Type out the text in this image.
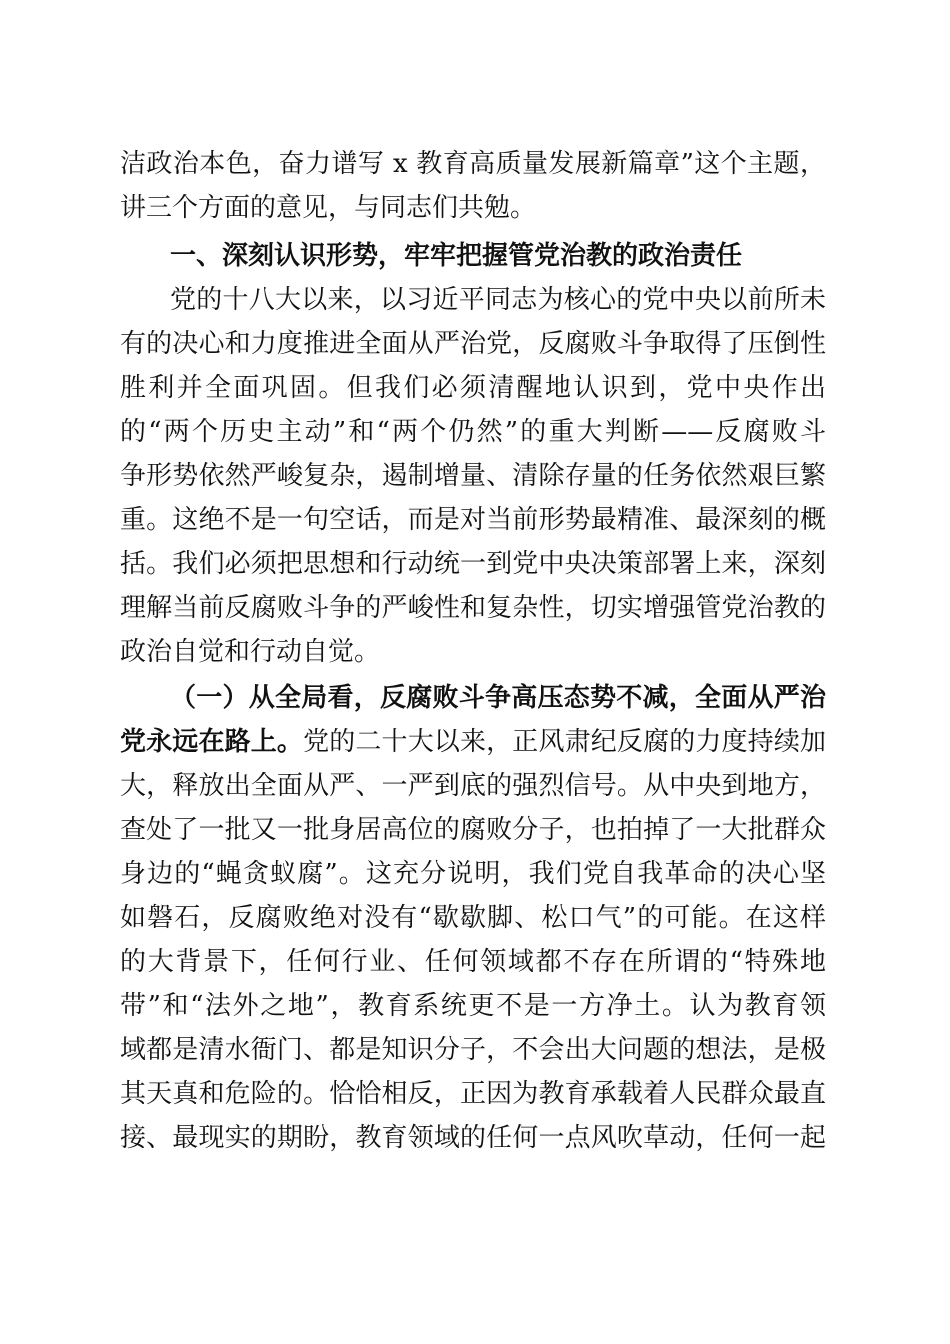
洁政治本色，奋力谱写 x 教育高质量发展新篇章”这个主题，
讲三个方面的意见，与同志们共勉。
一、深刻认识形势，牢牢把握管党治教的政治责任
党的十八大以来，以习近平同志为核心的党中央以前所未
有的决心和力度推进全面从严治党，反腐败斗争取得了压倒性
胜利并全面巩固。但我们必须清醒地认识到，党中央作出
的“两个历史主动”和“两个仍然”的重大判断——反腐败斗
争形势依然严峻复杂，遏制增量、清除存量的任务依然艰巨繁
重。这绝不是一句空话，而是对当前形势最精准、最深刻的概
括。我们必须把思想和行动统一到党中央决策部署上来，深刻
理解当前反腐败斗争的严峻性和复杂性，切实增强管党治教的
政治自觉和行动自觉。
（一）从全局看，反腐败斗争高压态势不减，全面从严治
党永远在路上。党的二十大以来，正风肃纪反腐的力度持续加
大，释放出全面从严、一严到底的强烈信号。从中央到地方，
查处了一批又一批身居高位的腐败分子，也拍掉了一大批群众
身边的“蝇贪蚁腐”。这充分说明，我们党自我革命的决心坚
如磐石，反腐败绝对没有“歇歇脚、松口气”的可能。在这样
的大背景下，任何行业、任何领域都不存在所谓的“特殊地
带”和“法外之地”，教育系统更不是一方净土。认为教育领
域都是清水衙门、都是知识分子，不会出大问题的想法，是极
其天真和危险的。恰恰相反，正因为教育承载着人民群众最直
接、最现实的期盼，教育领域的任何一点风吹草动，任何一起
